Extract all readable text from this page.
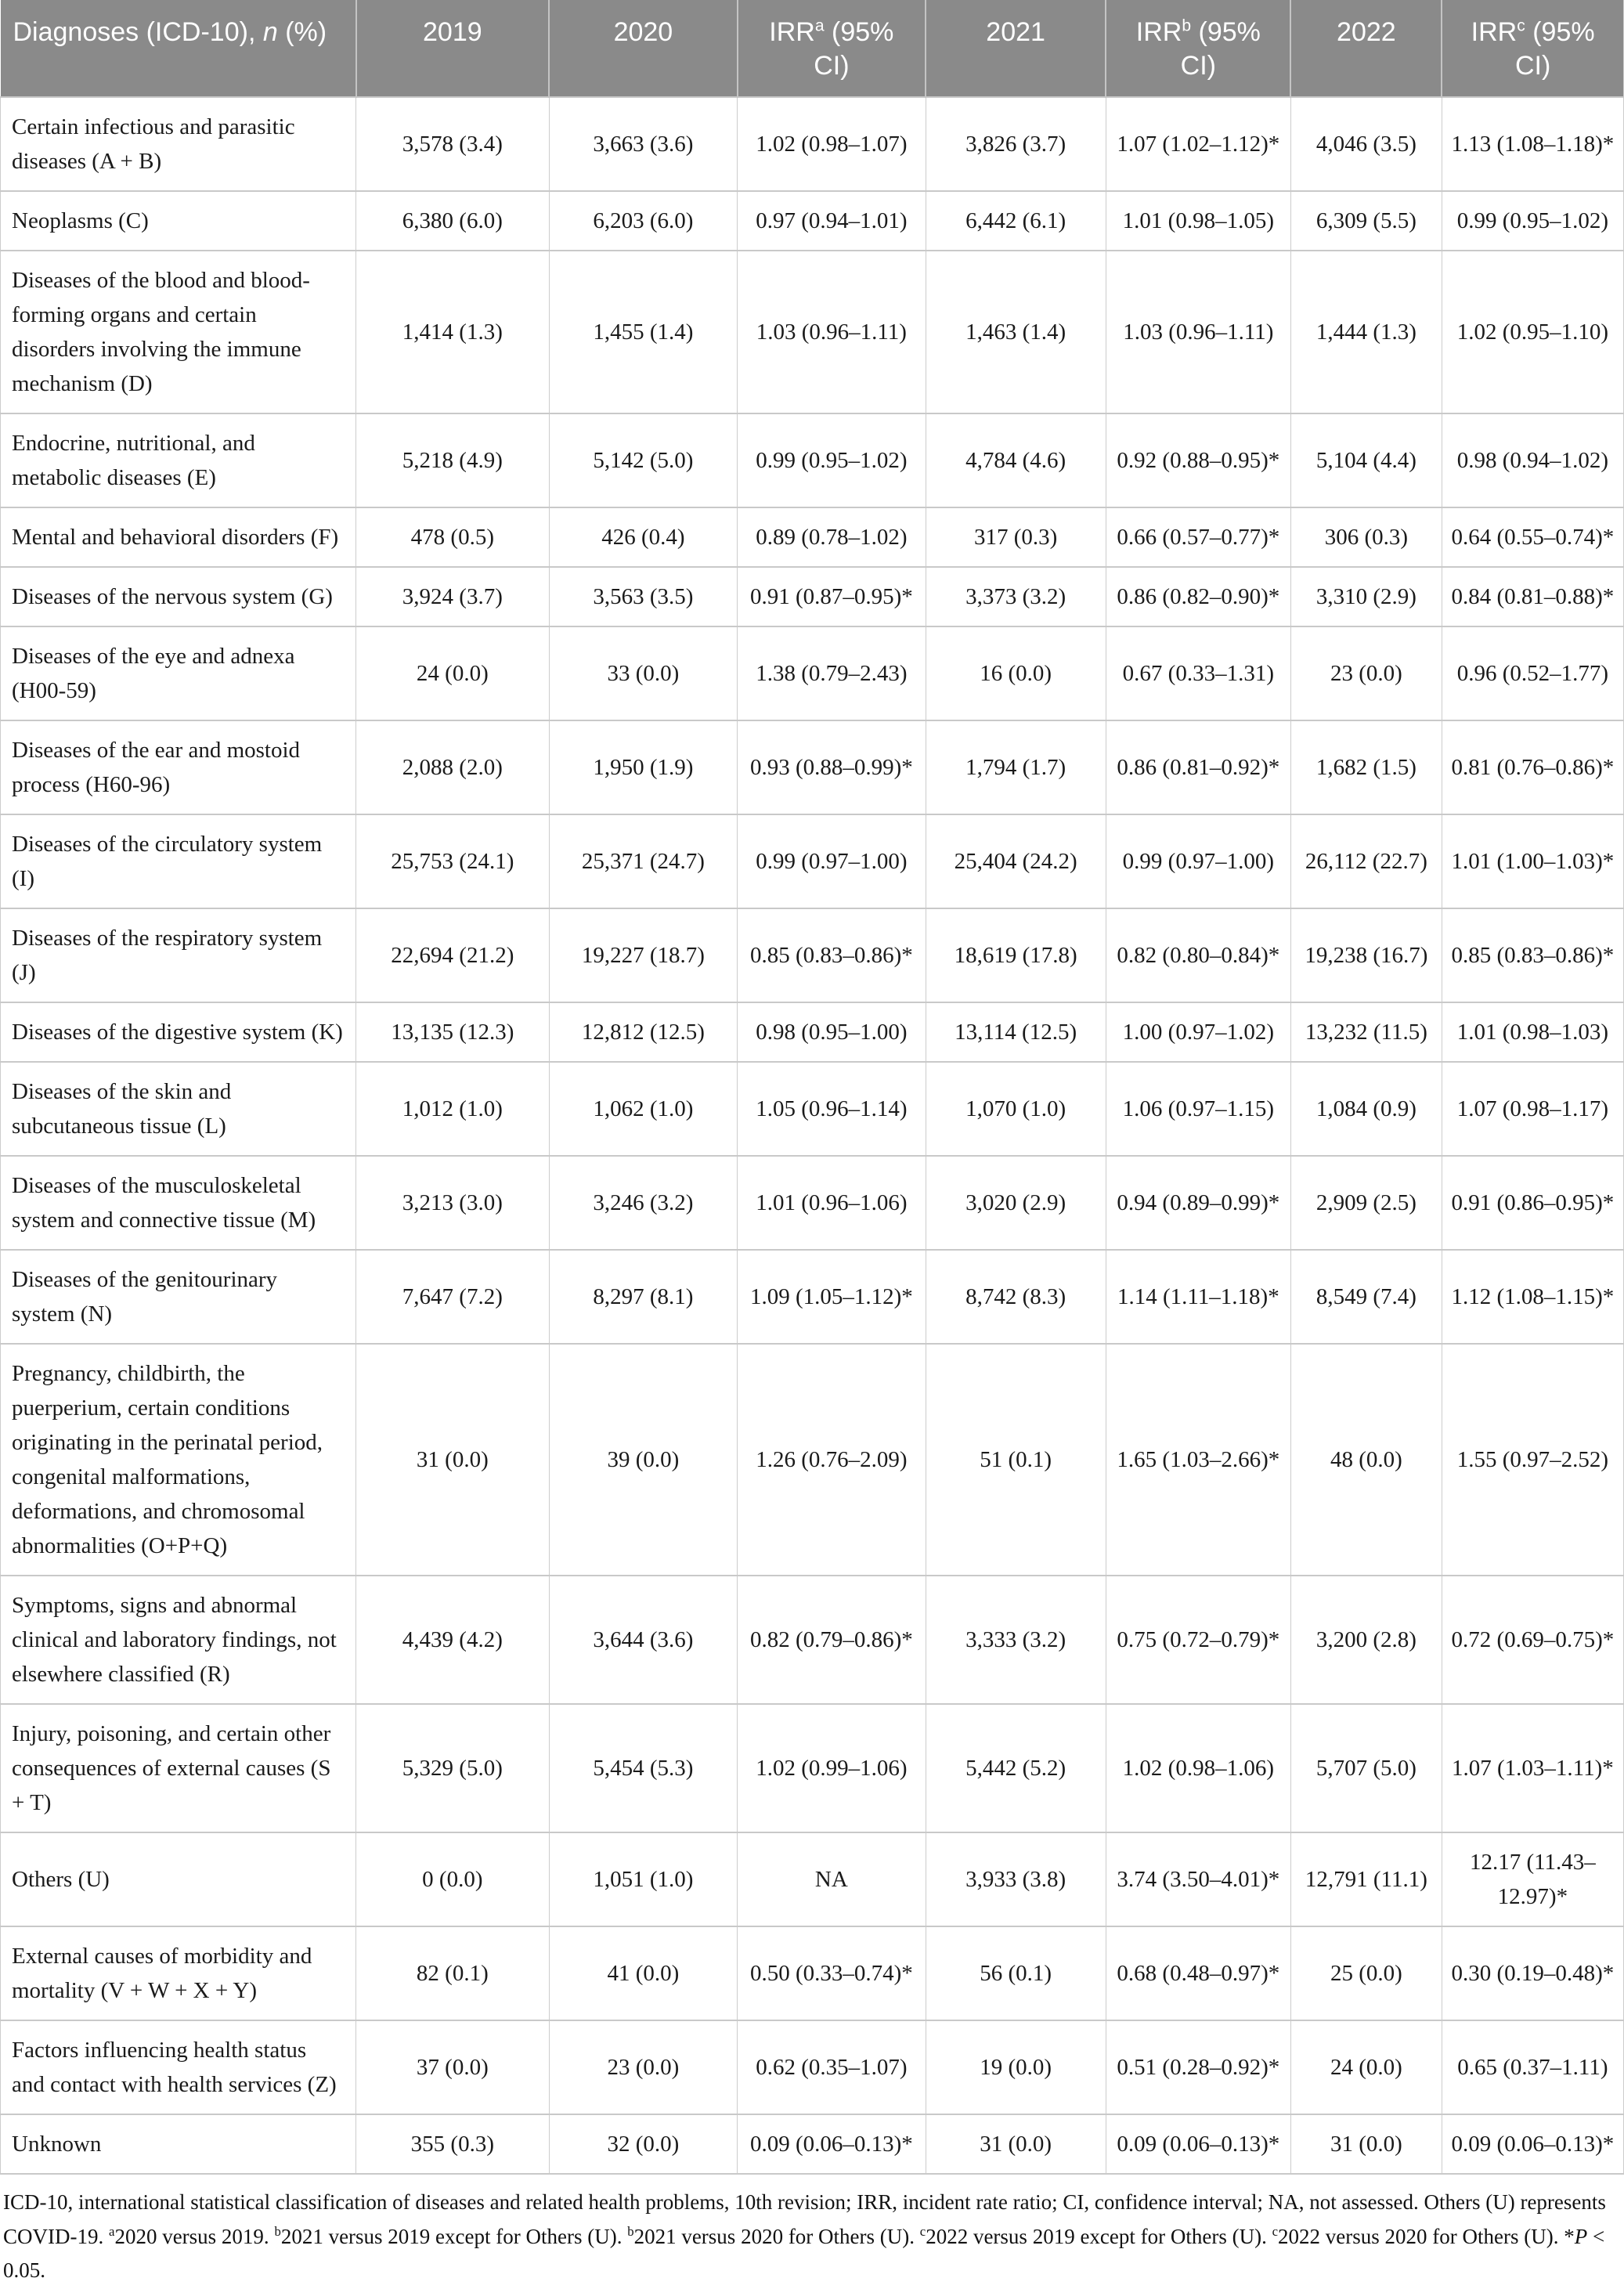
Diagnoses (ICD-10), n (%)	2019	2020	IRR$^a$ (95% CI)	2021	IRR$^b$ (95% CI)	2022	IRR$^c$ (95% CI)
Certain infectious and parasitic diseases (A + B)	3,578 (3.4)	3,663 (3.6)	1.02 (0.98–1.07)	3,826 (3.7)	1.07 (1.02–1.12)*	4,046 (3.5)	1.13 (1.08–1.18)*
Neoplasms (C)	6,380 (6.0)	6,203 (6.0)	0.97 (0.94–1.01)	6,442 (6.1)	1.01 (0.98–1.05)	6,309 (5.5)	0.99 (0.95–1.02)
Diseases of the blood and blood-forming organs and certain disorders involving the immune mechanism (D)	1,414 (1.3)	1,455 (1.4)	1.03 (0.96–1.11)	1,463 (1.4)	1.03 (0.96–1.11)	1,444 (1.3)	1.02 (0.95–1.10)
Endocrine, nutritional, and metabolic diseases (E)	5,218 (4.9)	5,142 (5.0)	0.99 (0.95–1.02)	4,784 (4.6)	0.92 (0.88–0.95)*	5,104 (4.4)	0.98 (0.94–1.02)
Mental and behavioral disorders (F)	478 (0.5)	426 (0.4)	0.89 (0.78–1.02)	317 (0.3)	0.66 (0.57–0.77)*	306 (0.3)	0.64 (0.55–0.74)*
Diseases of the nervous system (G)	3,924 (3.7)	3,563 (3.5)	0.91 (0.87–0.95)*	3,373 (3.2)	0.86 (0.82–0.90)*	3,310 (2.9)	0.84 (0.81–0.88)*
Diseases of the eye and adnexa (H00-59)	24 (0.0)	33 (0.0)	1.38 (0.79–2.43)	16 (0.0)	0.67 (0.33–1.31)	23 (0.0)	0.96 (0.52–1.77)
Diseases of the ear and mostoid process (H60-96)	2,088 (2.0)	1,950 (1.9)	0.93 (0.88–0.99)*	1,794 (1.7)	0.86 (0.81–0.92)*	1,682 (1.5)	0.81 (0.76–0.86)*
Diseases of the circulatory system (I)	25,753 (24.1)	25,371 (24.7)	0.99 (0.97–1.00)	25,404 (24.2)	0.99 (0.97–1.00)	26,112 (22.7)	1.01 (1.00–1.03)*
Diseases of the respiratory system (J)	22,694 (21.2)	19,227 (18.7)	0.85 (0.83–0.86)*	18,619 (17.8)	0.82 (0.80–0.84)*	19,238 (16.7)	0.85 (0.83–0.86)*
Diseases of the digestive system (K)	13,135 (12.3)	12,812 (12.5)	0.98 (0.95–1.00)	13,114 (12.5)	1.00 (0.97–1.02)	13,232 (11.5)	1.01 (0.98–1.03)
Diseases of the skin and subcutaneous tissue (L)	1,012 (1.0)	1,062 (1.0)	1.05 (0.96–1.14)	1,070 (1.0)	1.06 (0.97–1.15)	1,084 (0.9)	1.07 (0.98–1.17)
Diseases of the musculoskeletal system and connective tissue (M)	3,213 (3.0)	3,246 (3.2)	1.01 (0.96–1.06)	3,020 (2.9)	0.94 (0.89–0.99)*	2,909 (2.5)	0.91 (0.86–0.95)*
Diseases of the genitourinary system (N)	7,647 (7.2)	8,297 (8.1)	1.09 (1.05–1.12)*	8,742 (8.3)	1.14 (1.11–1.18)*	8,549 (7.4)	1.12 (1.08–1.15)*
Pregnancy, childbirth, the puerperium, certain conditions originating in the perinatal period, congenital malformations, deformations, and chromosomal abnormalities (O+P+Q)	31 (0.0)	39 (0.0)	1.26 (0.76–2.09)	51 (0.1)	1.65 (1.03–2.66)*	48 (0.0)	1.55 (0.97–2.52)
Symptoms, signs and abnormal clinical and laboratory findings, not elsewhere classified (R)	4,439 (4.2)	3,644 (3.6)	0.82 (0.79–0.86)*	3,333 (3.2)	0.75 (0.72–0.79)*	3,200 (2.8)	0.72 (0.69–0.75)*
Injury, poisoning, and certain other consequences of external causes (S + T)	5,329 (5.0)	5,454 (5.3)	1.02 (0.99–1.06)	5,442 (5.2)	1.02 (0.98–1.06)	5,707 (5.0)	1.07 (1.03–1.11)*
Others (U)	0 (0.0)	1,051 (1.0)	NA	3,933 (3.8)	3.74 (3.50–4.01)*	12,791 (11.1)	12.17 (11.43–12.97)*
External causes of morbidity and mortality (V + W + X + Y)	82 (0.1)	41 (0.0)	0.50 (0.33–0.74)*	56 (0.1)	0.68 (0.48–0.97)*	25 (0.0)	0.30 (0.19–0.48)*
Factors influencing health status and contact with health services (Z)	37 (0.0)	23 (0.0)	0.62 (0.35–1.07)	19 (0.0)	0.51 (0.28–0.92)*	24 (0.0)	0.65 (0.37–1.11)
Unknown	355 (0.3)	32 (0.0)	0.09 (0.06–0.13)*	31 (0.0)	0.09 (0.06–0.13)*	31 (0.0)	0.09 (0.06–0.13)*
ICD-10, international statistical classification of diseases and related health problems, 10th revision; IRR, incident rate ratio; CI, confidence interval; NA, not assessed. Others (U) represents COVID-19. $^a$2020 versus 2019. $^b$2021 versus 2019 except for Others (U). $^b$2021 versus 2020 for Others (U). $^c$2022 versus 2019 except for Others (U). $^c$2022 versus 2020 for Others (U). *P < 0.05.
